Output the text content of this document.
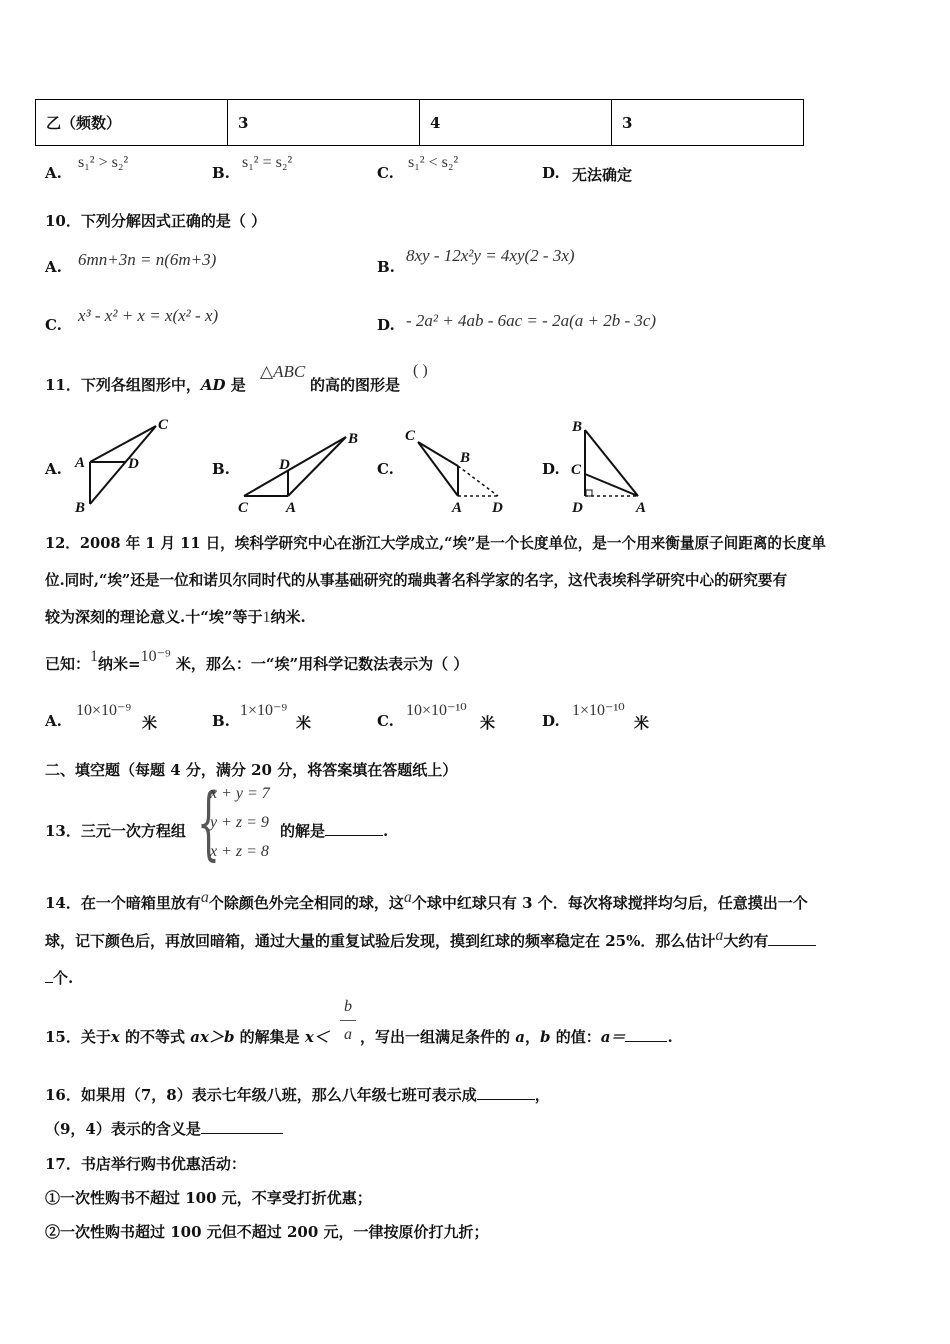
乙（频数）	3	4	3
A.
s₁² > s₂²
B.
s₁² = s₂²
C.
s₁² < s₂²
D. 无法确定
10．下列分解因式正确的是（ ）
A. 6mn+3n = n(6m+3)	B.
8xy - 12x²y = 4xy(2 - 3x)
C. x³ - x² + x = x(x² - x)	D. - 2a² + 4ab - 6ac = - 2a(a + 2b - 3c)
11．下列各组图形中，AD 是
△ABC
的高的图形是
( )
A.	B.	C.	D.
C
A	D
B
B
D
C	A
C
B
A D
B
C
D	A
12．2008 年 1 月 11 日，埃科学研究中心在浙江大学成立,“埃”是一个长度单位，是一个用来衡量原子间距离的长度单
位.同时,“埃”还是一位和诺贝尔同时代的从事基础研究的瑞典著名科学家的名字，这代表埃科学研究中心的研究要有
较为深刻的理论意义.十“埃”等于1纳米.
已知：1纳米=10⁻⁹ 米，那么：一“埃”用科学记数法表示为（ ）
A.
10×10⁻⁹
米	B.
1×10⁻⁹
米	C.
10×10⁻¹⁰
米	D.
1×10⁻¹⁰
米
二、填空题（每题 4 分，满分 20 分，将答案填在答题纸上）
13．三元一次方程组 {
x + y = 7
y + z = 9
x + z = 8
的解是	.
14．在一个暗箱里放有a个除颜色外完全相同的球，这a个球中红球只有 3 个．每次将球搅拌均匀后，任意摸出一个
球，记下颜色后，再放回暗箱，通过大量的重复试验后发现，摸到红球的频率稳定在 25%．那么估计a大约有
个.
15．关于x 的不等式 ax＞b 的解集是 x＜
b
a ，写出一组满足条件的 a，b 的值：a＝	.
16．如果用（7，8）表示七年级八班，那么八年级七班可表示成	，
（9，4）表示的含义是
17．书店举行购书优惠活动：
①一次性购书不超过 100 元，不享受打折优惠；
②一次性购书超过 100 元但不超过 200 元，一律按原价打九折；
